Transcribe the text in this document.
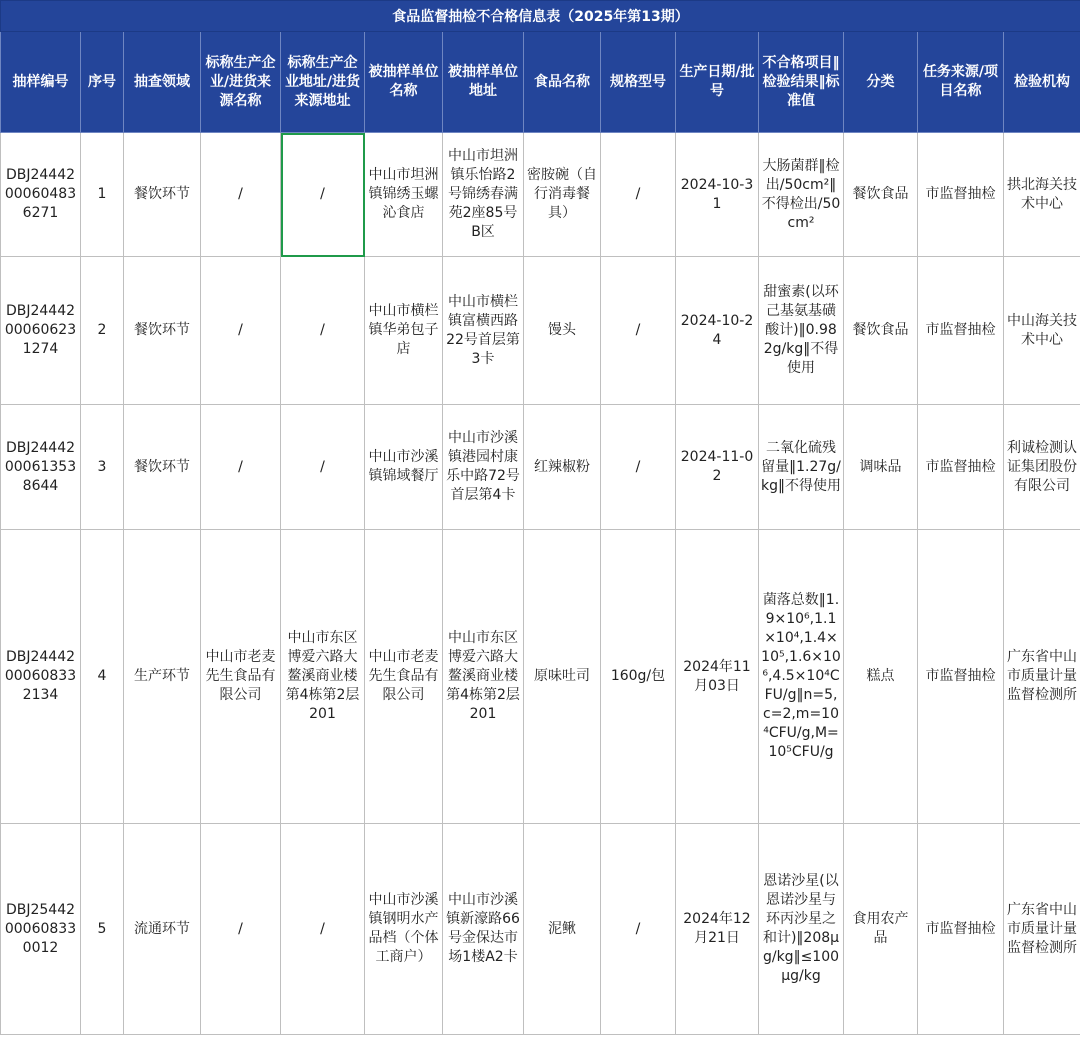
食品监督抽检不合格信息表（2025年第13期）													
抽样编号	序号	抽查领域	标称生产企业/进货来源名称	标称生产企业地址/进货来源地址	被抽样单位名称	被抽样单位地址	食品名称	规格型号	生产日期/批号	不合格项目‖检验结果‖标准值	分类	任务来源/项目名称	检验机构
DBJ24442000604836271	1	餐饮环节	/	/	中山市坦洲镇锦绣玉螺沁食店	中山市坦洲镇乐怡路2号锦绣春满苑2座85号B区	密胺碗（自行消毒餐具）	/	2024-10-31	大肠菌群‖检出/50cm²‖不得检出/50cm²	餐饮食品	市监督抽检	拱北海关技术中心
DBJ24442000606231274	2	餐饮环节	/	/	中山市横栏镇华弟包子店	中山市横栏镇富横西路22号首层第3卡	馒头	/	2024-10-24	甜蜜素(以环己基氨基磺酸计)‖0.982g/kg‖不得使用	餐饮食品	市监督抽检	中山海关技术中心
DBJ24442000613538644	3	餐饮环节	/	/	中山市沙溪镇锦域餐厅	中山市沙溪镇港园村康乐中路72号首层第4卡	红辣椒粉	/	2024-11-02	二氧化硫残留量‖1.27g/kg‖不得使用	调味品	市监督抽检	利诚检测认证集团股份有限公司
DBJ24442000608332134	4	生产环节	中山市老麦先生食品有限公司	中山市东区博爱六路大鳌溪商业楼第4栋第2层201	中山市老麦先生食品有限公司	中山市东区博爱六路大鳌溪商业楼第4栋第2层201	原味吐司	160g/包	2024年11月03日	菌落总数‖1.9×10⁶,1.1×10⁴,1.4×10⁵,1.6×10⁶,4.5×10⁴CFU/g‖n=5,c=2,m=10⁴CFU/g,M=10⁵CFU/g	糕点	市监督抽检	广东省中山市质量计量监督检测所
DBJ25442000608330012	5	流通环节	/	/	中山市沙溪镇钢明水产品档（个体工商户）	中山市沙溪镇新濠路66号金保达市场1楼A2卡	泥鳅	/	2024年12月21日	恩诺沙星(以恩诺沙星与环丙沙星之和计)‖208μg/kg‖≤100μg/kg	食用农产品	市监督抽检	广东省中山市质量计量监督检测所
